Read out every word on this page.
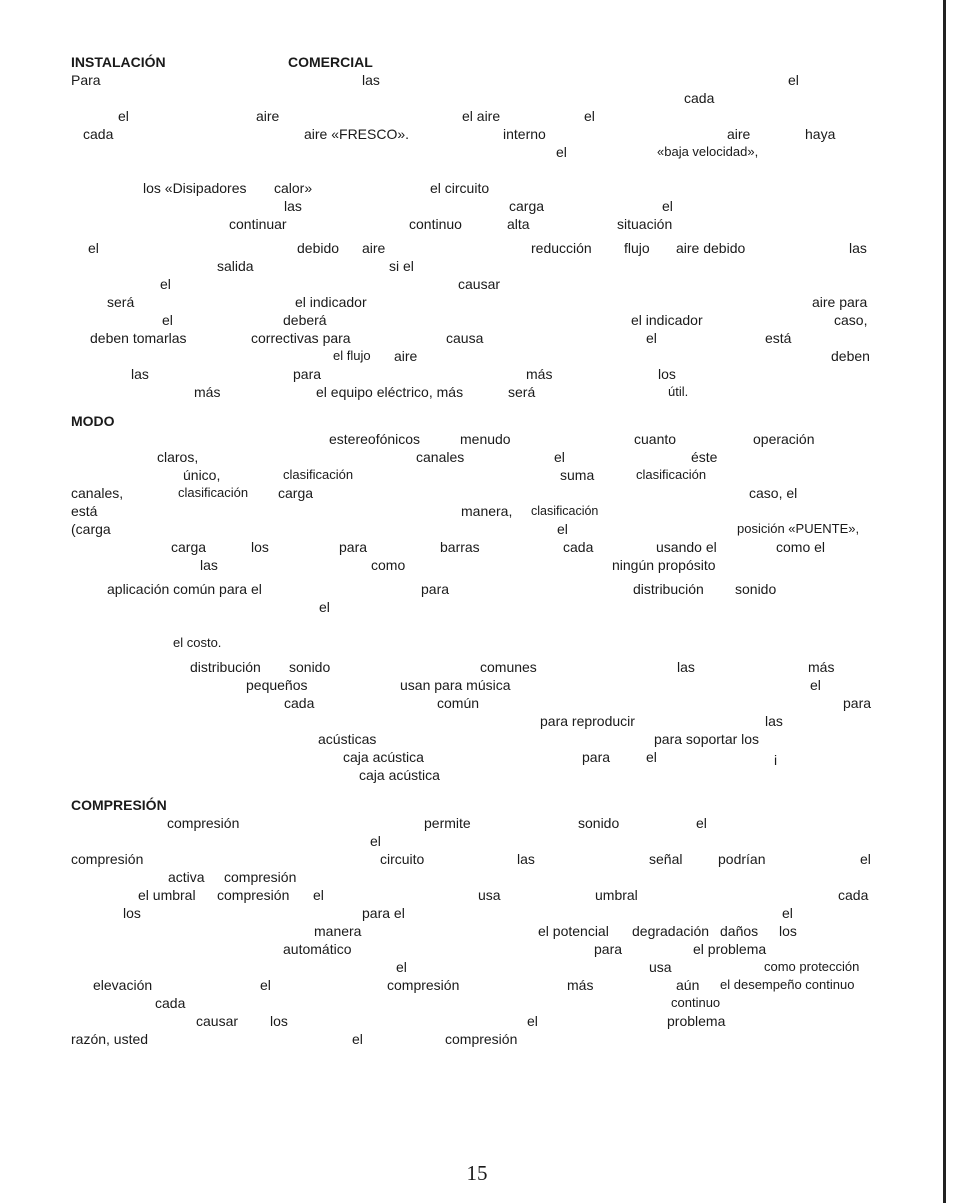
INSTALACIÓN	COMERCIAL
Para	las	el
cada
el	aire	el aire	el
cada	aire «FRESCO».	interno	aire	haya
el	«baja velocidad»,
los «Disipadores calor»	el circuito
las	carga	el
continuar	continuo	alta	situación
el	debido aire	reducción flujo aire debido	las
salida	si el
el	causar
será	el indicador	aire para
el	deberá	el indicador	caso,
deben tomarlas	correctivas para	causa	el	está
el flujo aire	deben
las	para	más	los
más	el equipo eléctrico, más	será	útil.
MODO
estereofónicos	menudo	cuanto	operación
claros,	canales	el	éste
único,	clasificación	suma	clasificación
canales,	clasificación carga	caso, el
está	manera, clasificación
(carga	el	posición «PUENTE»,
carga	los	para	barras	cada	usando el	como el
las	como	ningún propósito
aplicación común para el	para	distribución sonido
el
el costo.
distribución sonido	comunes	las	más
pequeños	usan para música	el
cada	común	para
para reproducir	las
acústicas	para soportar los
caja acústica	para	el	i
caja acústica
COMPRESIÓN
compresión	permite	sonido	el
el
compresión	circuito	las	señal	podrían	el
activa compresión
el umbral compresión el	usa	umbral	cada
los	para el	el
manera	el potencial degradación daños los
automático	para	el problema
el	usa	como protección
elevación	el	compresión	más	aún el desempeño continuo
cada	continuo
causar los	el	problema
razón, usted	el	compresión
15
